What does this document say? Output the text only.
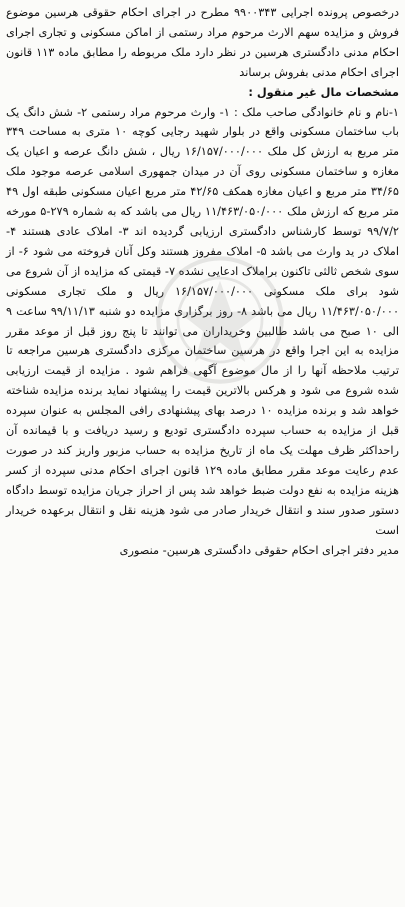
درخصوص پرونده اجرایی ۹۹۰۰۳۴۳ مطرح در اجرای احکام حقوقی هرسین موضوع فروش و مزایده سهم الارث مرحوم مراد رستمی از اماکن مسکونی و تجاری اجرای احکام مدنی دادگستری هرسین در نظر دارد ملک مربوطه را مطابق ماده ۱۱۳ قانون اجرای احکام مدنی بفروش برساند

مشخصات مال غیر منقول :

۱-نام و نام خانوادگی صاحب ملک : ۱- وارث مرحوم مراد رستمی ۲- شش دانگ یک باب ساختمان مسکونی واقع در بلوار شهید رجایی کوچه ۱۰ متری به مساحت ۳۴۹ متر مربع به ارزش کل ملک ۱۶/۱۵۷/۰۰۰/۰۰۰ ریال ، شش دانگ عرصه و اعیان یک مغازه و ساختمان مسکونی روی آن در میدان جمهوری اسلامی عرصه موجود ملک ۳۴/۶۵ متر مربع و اعیان مغازه همکف ۴۲/۶۵ متر مربع اعیان مسکونی طبقه اول ۴۹ متر مربع که ارزش ملک ۱۱/۴۶۳/۰۵۰/۰۰۰ ریال می باشد که به شماره ۲۷۹-۵ مورخه ۹۹/۷/۲ توسط کارشناس دادگستری ارزیابی گردیده اند ۳- املاک عادی هستند ۴- املاک در ید وارث می باشد ۵- املاک مفروز هستند وکل آنان فروخته می شود ۶- از سوی شخص ثالثی تاکنون براملاک ادعایی نشده ۷- قیمتی که مزایده از آن شروع می شود برای ملک مسکونی ۱۶/۱۵۷/۰۰۰/۰۰۰ ریال و ملک تجاری مسکونی ۱۱/۴۶۳/۰۵۰/۰۰۰ ریال می باشد ۸- روز برگزاری مزایده دو شنبه ۹۹/۱۱/۱۳ ساعت ۹ الی ۱۰ صبح می باشد طالبین وخریداران می توانند تا پنج روز قبل از موعد مقرر مزایده به این اجرا واقع در هرسین ساختمان مرکزی دادگستری هرسین مراجعه تا ترتیب ملاحظه آنها را از مال موضوع آگهی فراهم شود . مزایده از قیمت ارزیابی شده شروع می شود و هرکس بالاترین قیمت را پیشنهاد نماید برنده مزایده شناخته خواهد شد و برنده مزایده ۱۰ درصد بهای پیشنهادی رافی المجلس به عنوان سپرده قبل از مزایده به حساب سپرده دادگستری تودیع و رسید دریافت و با قیمانده آن راحداکثر ظرف مهلت یک ماه از تاریخ مزایده به حساب مزبور واریز کند در صورت عدم رعایت موعد مقرر مطابق ماده ۱۲۹ قانون اجرای احکام مدنی سپرده از کسر هزینه مزایده به نفع دولت ضبط خواهد شد پس از احراز جریان مزایده توسط دادگاه دستور صدور سند و انتقال خریدار صادر می شود هزینه نقل و انتقال برعهده خریدار است

مدیر دفتر اجرای احکام حقوقی دادگستری هرسین- منصوری
